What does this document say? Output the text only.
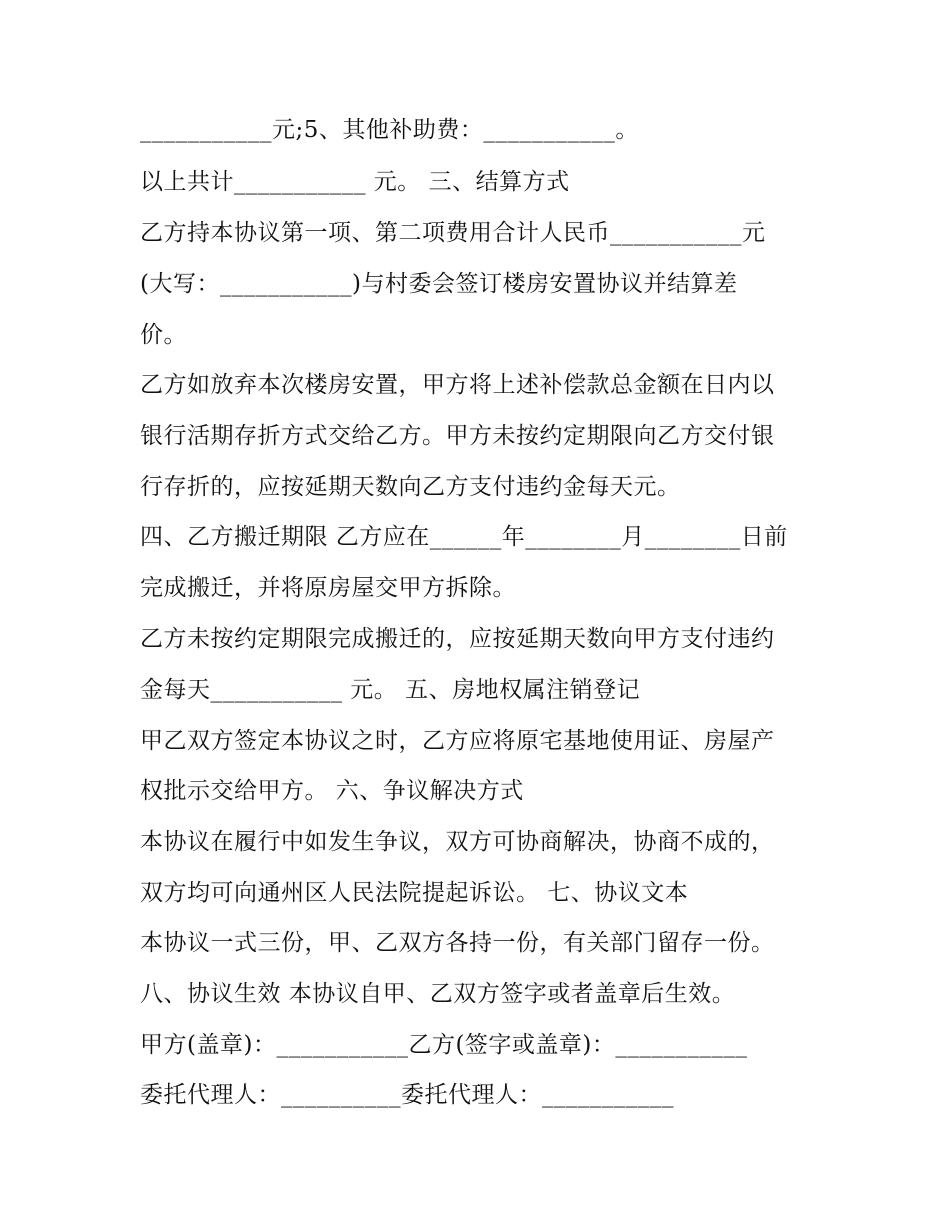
___________元;5、其他补助费：___________。
以上共计___________ 元。 三、结算方式
乙方持本协议第一项、第二项费用合计人民币___________元
(大写：___________)与村委会签订楼房安置协议并结算差
价。
乙方如放弃本次楼房安置，甲方将上述补偿款总金额在日内以
银行活期存折方式交给乙方。甲方未按约定期限向乙方交付银
行存折的，应按延期天数向乙方支付违约金每天元。
四、乙方搬迁期限 乙方应在______年________月________日前
完成搬迁，并将原房屋交甲方拆除。
乙方未按约定期限完成搬迁的，应按延期天数向甲方支付违约
金每天___________ 元。 五、房地权属注销登记
甲乙双方签定本协议之时，乙方应将原宅基地使用证、房屋产
权批示交给甲方。 六、争议解决方式
本协议在履行中如发生争议，双方可协商解决，协商不成的，
双方均可向通州区人民法院提起诉讼。 七、协议文本
本协议一式三份，甲、乙双方各持一份，有关部门留存一份。
八、协议生效 本协议自甲、乙双方签字或者盖章后生效。
甲方(盖章)：___________乙方(签字或盖章)：___________
委托代理人：__________委托代理人：___________
